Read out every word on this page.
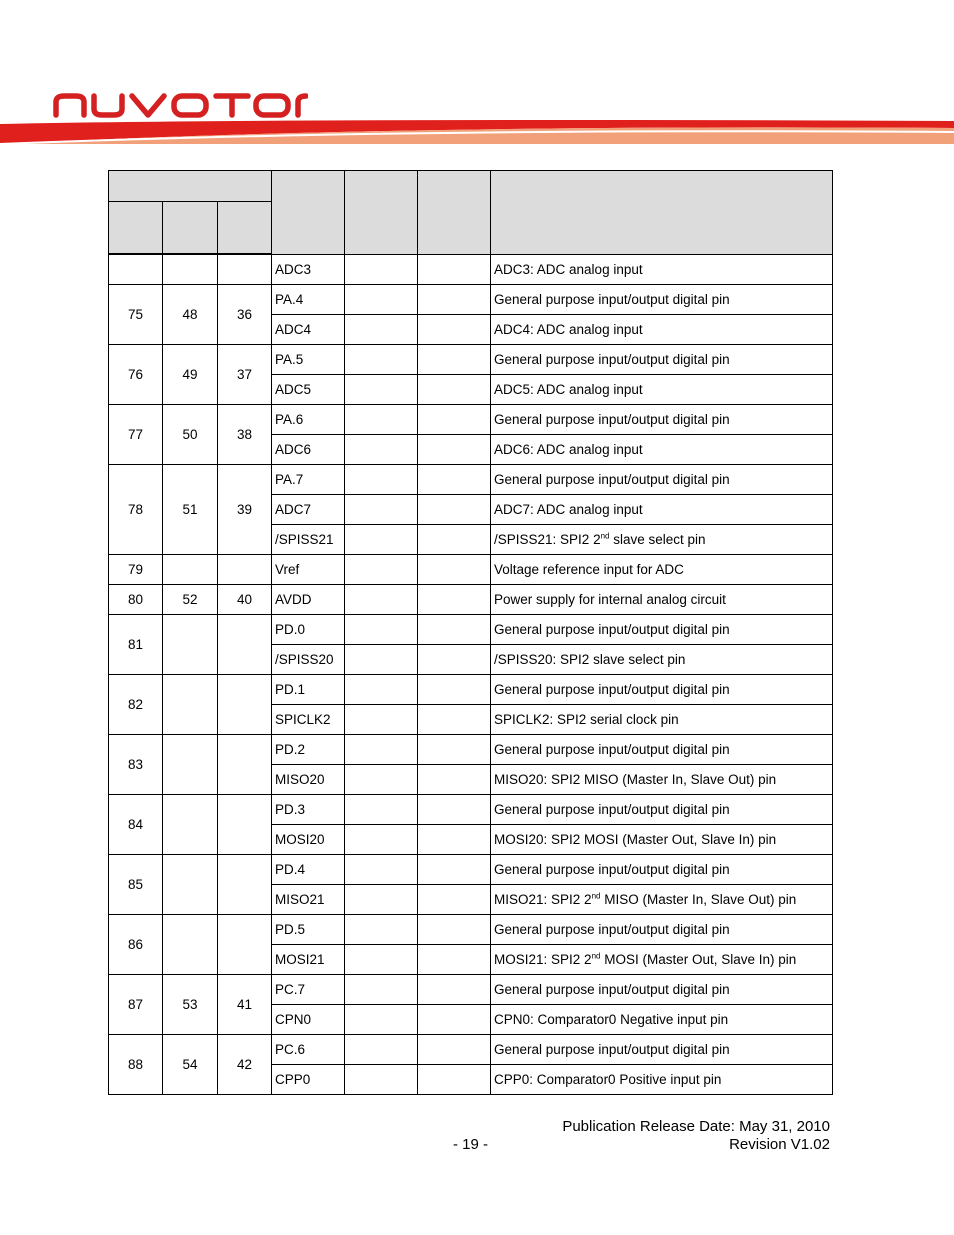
			ADC3			ADC3: ADC analog input
75	48	36	PA.4			General purpose input/output digital pin
			ADC4			ADC4: ADC analog input
76	49	37	PA.5			General purpose input/output digital pin
			ADC5			ADC5: ADC analog input
77	50	38	PA.6			General purpose input/output digital pin
			ADC6			ADC6: ADC analog input
78	51	39	PA.7			General purpose input/output digital pin
			ADC7			ADC7: ADC analog input
			/SPISS21			/SPISS21: SPI2 2nd slave select pin
79			Vref			Voltage reference input for ADC
80	52	40	AVDD			Power supply for internal analog circuit
81			PD.0			General purpose input/output digital pin
			/SPISS20			/SPISS20: SPI2 slave select pin
82			PD.1			General purpose input/output digital pin
			SPICLK2			SPICLK2: SPI2 serial clock pin
83			PD.2			General purpose input/output digital pin
			MISO20			MISO20: SPI2 MISO (Master In, Slave Out) pin
84			PD.3			General purpose input/output digital pin
			MOSI20			MOSI20: SPI2 MOSI (Master Out, Slave In) pin
85			PD.4			General purpose input/output digital pin
			MISO21			MISO21: SPI2 2nd MISO (Master In, Slave Out) pin
86			PD.5			General purpose input/output digital pin
			MOSI21			MOSI21: SPI2 2nd MOSI (Master Out, Slave In) pin
87	53	41	PC.7			General purpose input/output digital pin
			CPN0			CPN0: Comparator0 Negative input pin
88	54	42	PC.6			General purpose input/output digital pin
			CPP0			CPP0: Comparator0 Positive input pin
Publication Release Date: May 31, 2010
- 19 -	Revision V1.02
